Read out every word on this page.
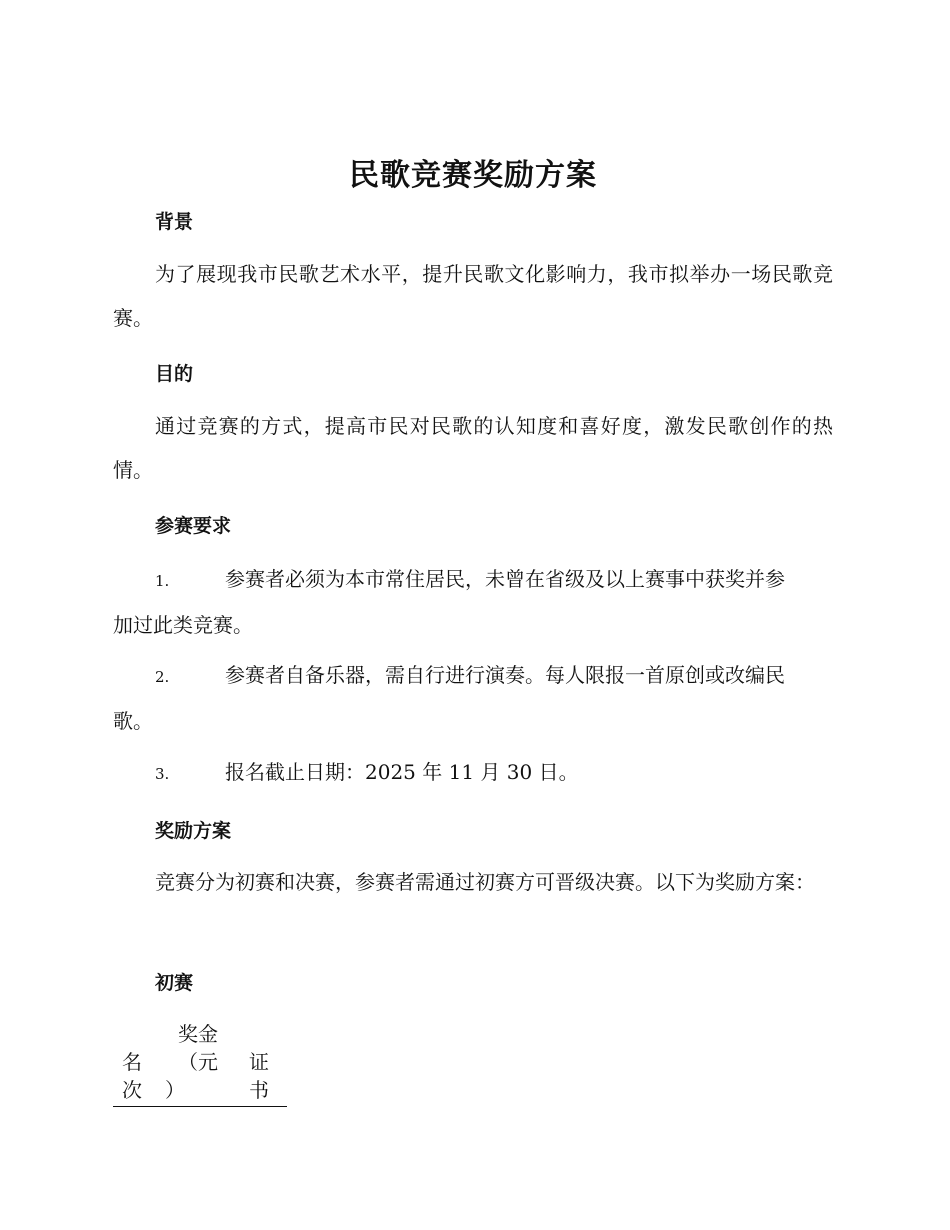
民歌竞赛奖励方案
背景

为了展现我市民歌艺术水平，提升民歌文化影响力，我市拟举办一场民歌竞赛。

目的

通过竞赛的方式，提高市民对民歌的认知度和喜好度，激发民歌创作的热情。

参赛要求
1.	参赛者必须为本市常住居民，未曾在省级及以上赛事中获奖并参
加过此类竞赛。
2.	参赛者自备乐器，需自行进行演奏。每人限报一首原创或改编民
歌。
3.	报名截止日期：2025 年 11 月 30 日。
奖励方案

竞赛分为初赛和决赛，参赛者需通过初赛方可晋级决赛。以下为奖励方案：

初赛
名
次

奖金
（元
）

证
书
